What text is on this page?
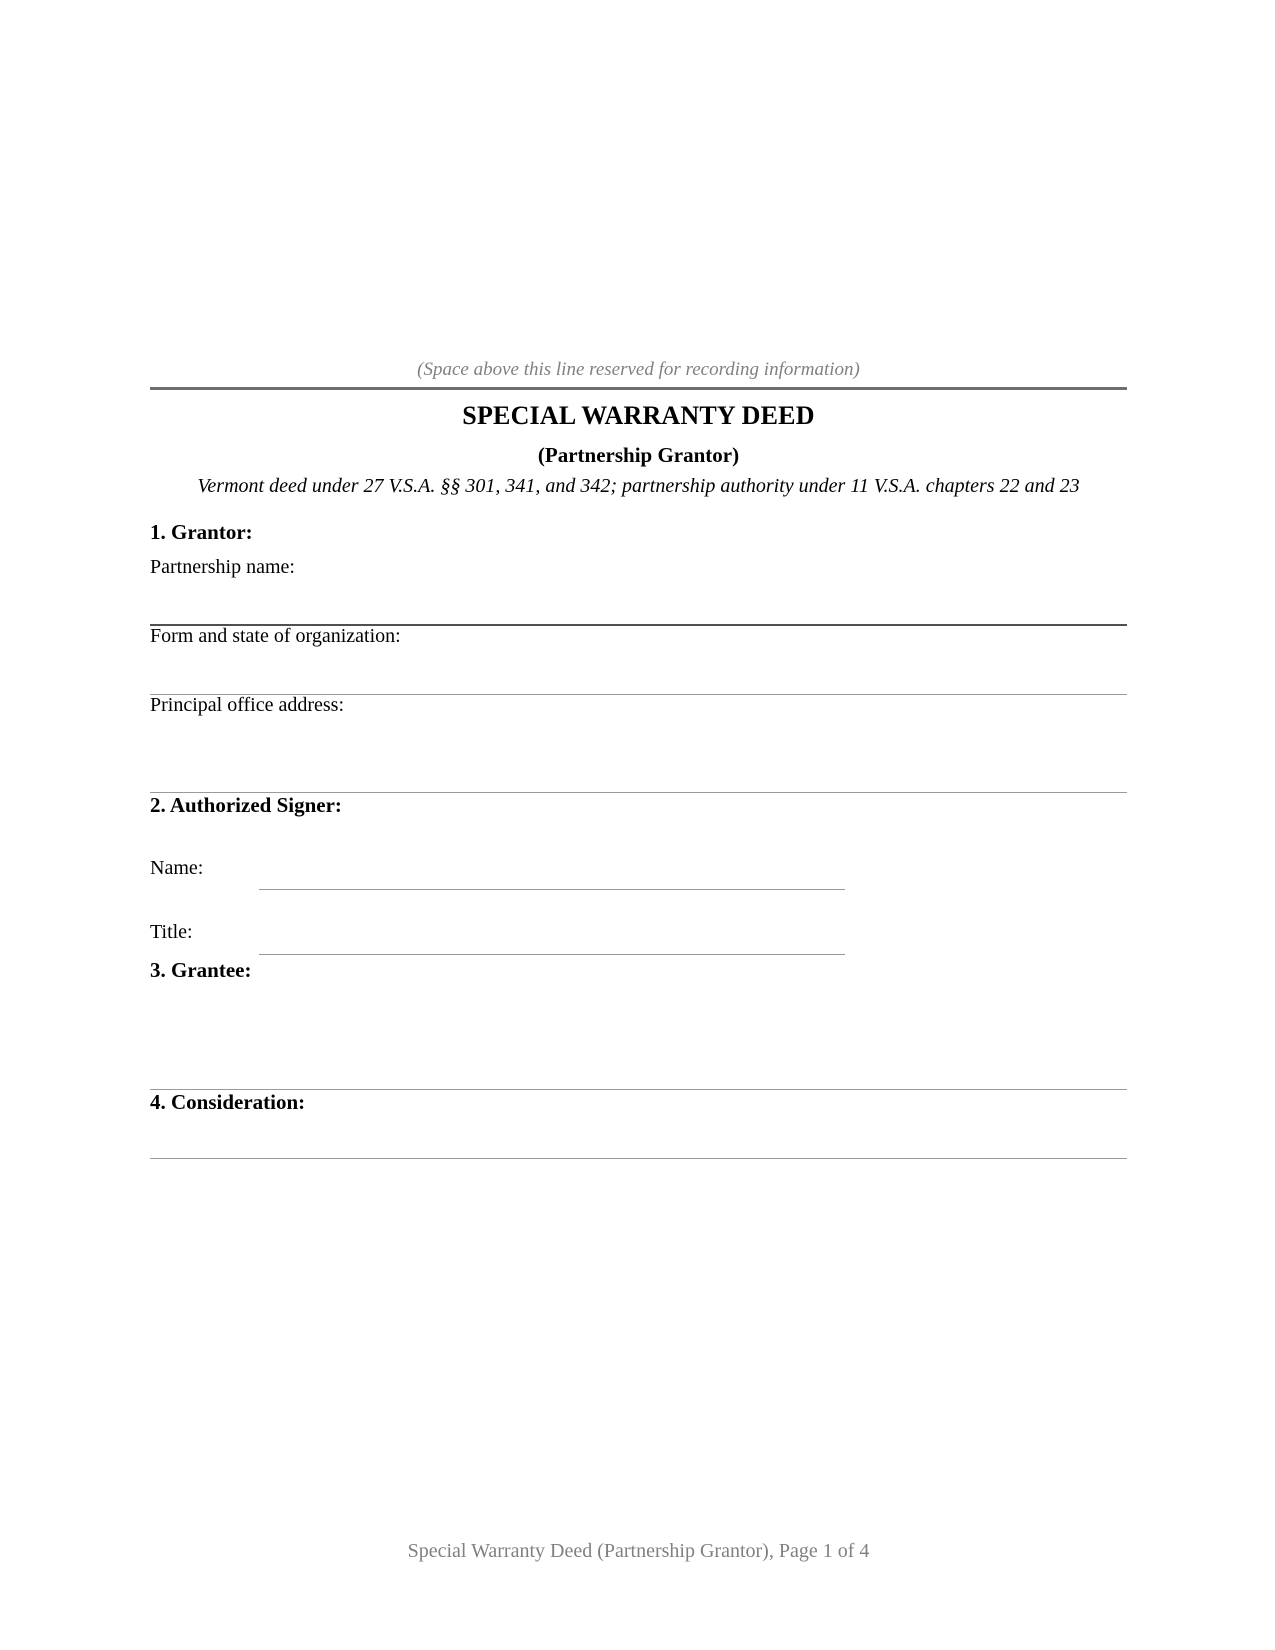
(Space above this line reserved for recording information)
SPECIAL WARRANTY DEED
(Partnership Grantor)
Vermont deed under 27 V.S.A. §§ 301, 341, and 342; partnership authority under 11 V.S.A. chapters 22 and 23
1. Grantor:
Partnership name:
Form and state of organization:
Principal office address:
2. Authorized Signer:
Name:
Title:
3. Grantee:
4. Consideration:
Special Warranty Deed (Partnership Grantor), Page 1 of 4
